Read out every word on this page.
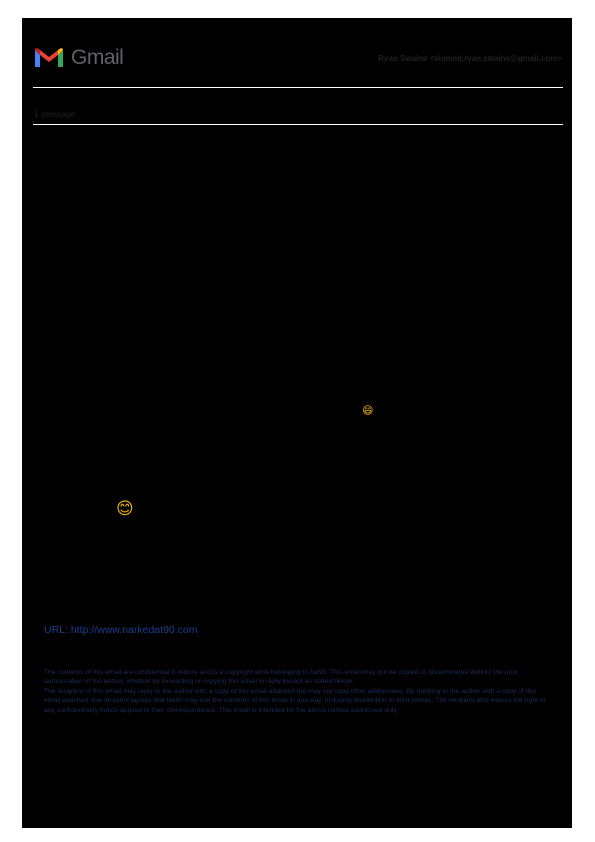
Gmail	Ryan Swaine <viamed.ryan.swaine@gmail.com>
1 message
😄
😊
URL: http://www.narkedat90.com

The contents of this email are confidential in nature and is a copyright work belonging to Na90. This email may not be copied or disseminated without the prior authorisation of the author, whether by forwarding or copying this email in reply except as stated below.

The recipient of this email may reply to the author with a copy of this email attached but may not copy other addressees. By replying to the author with a copy of this email attached, the recipient agrees that Na90 may use the contents of this email in any way, including distribution to third parties. The recipient also waives the right to any confidentiality notice applied to their correspondence. This email is intended for the above named addressee only
